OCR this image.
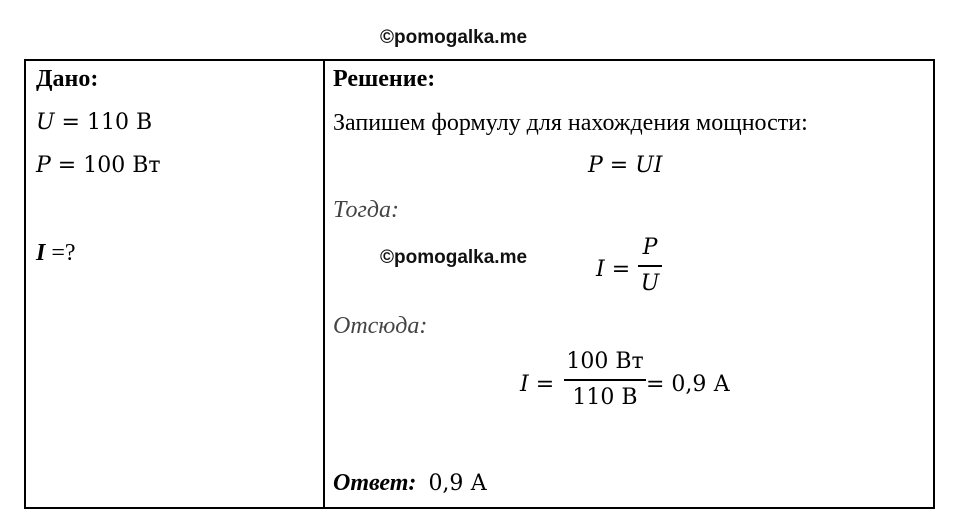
©pomogalka.me
Дано:
U = 110 В
P = 100 Вт
I =?
Решение:
Запишем формулу для нахождения мощности:
P = UI
Тогда:
I =
P
U
Отсюда:
I =
100 Вт
110 В
= 0,9 А
Ответ: 0,9 А
©pomogalka.me
